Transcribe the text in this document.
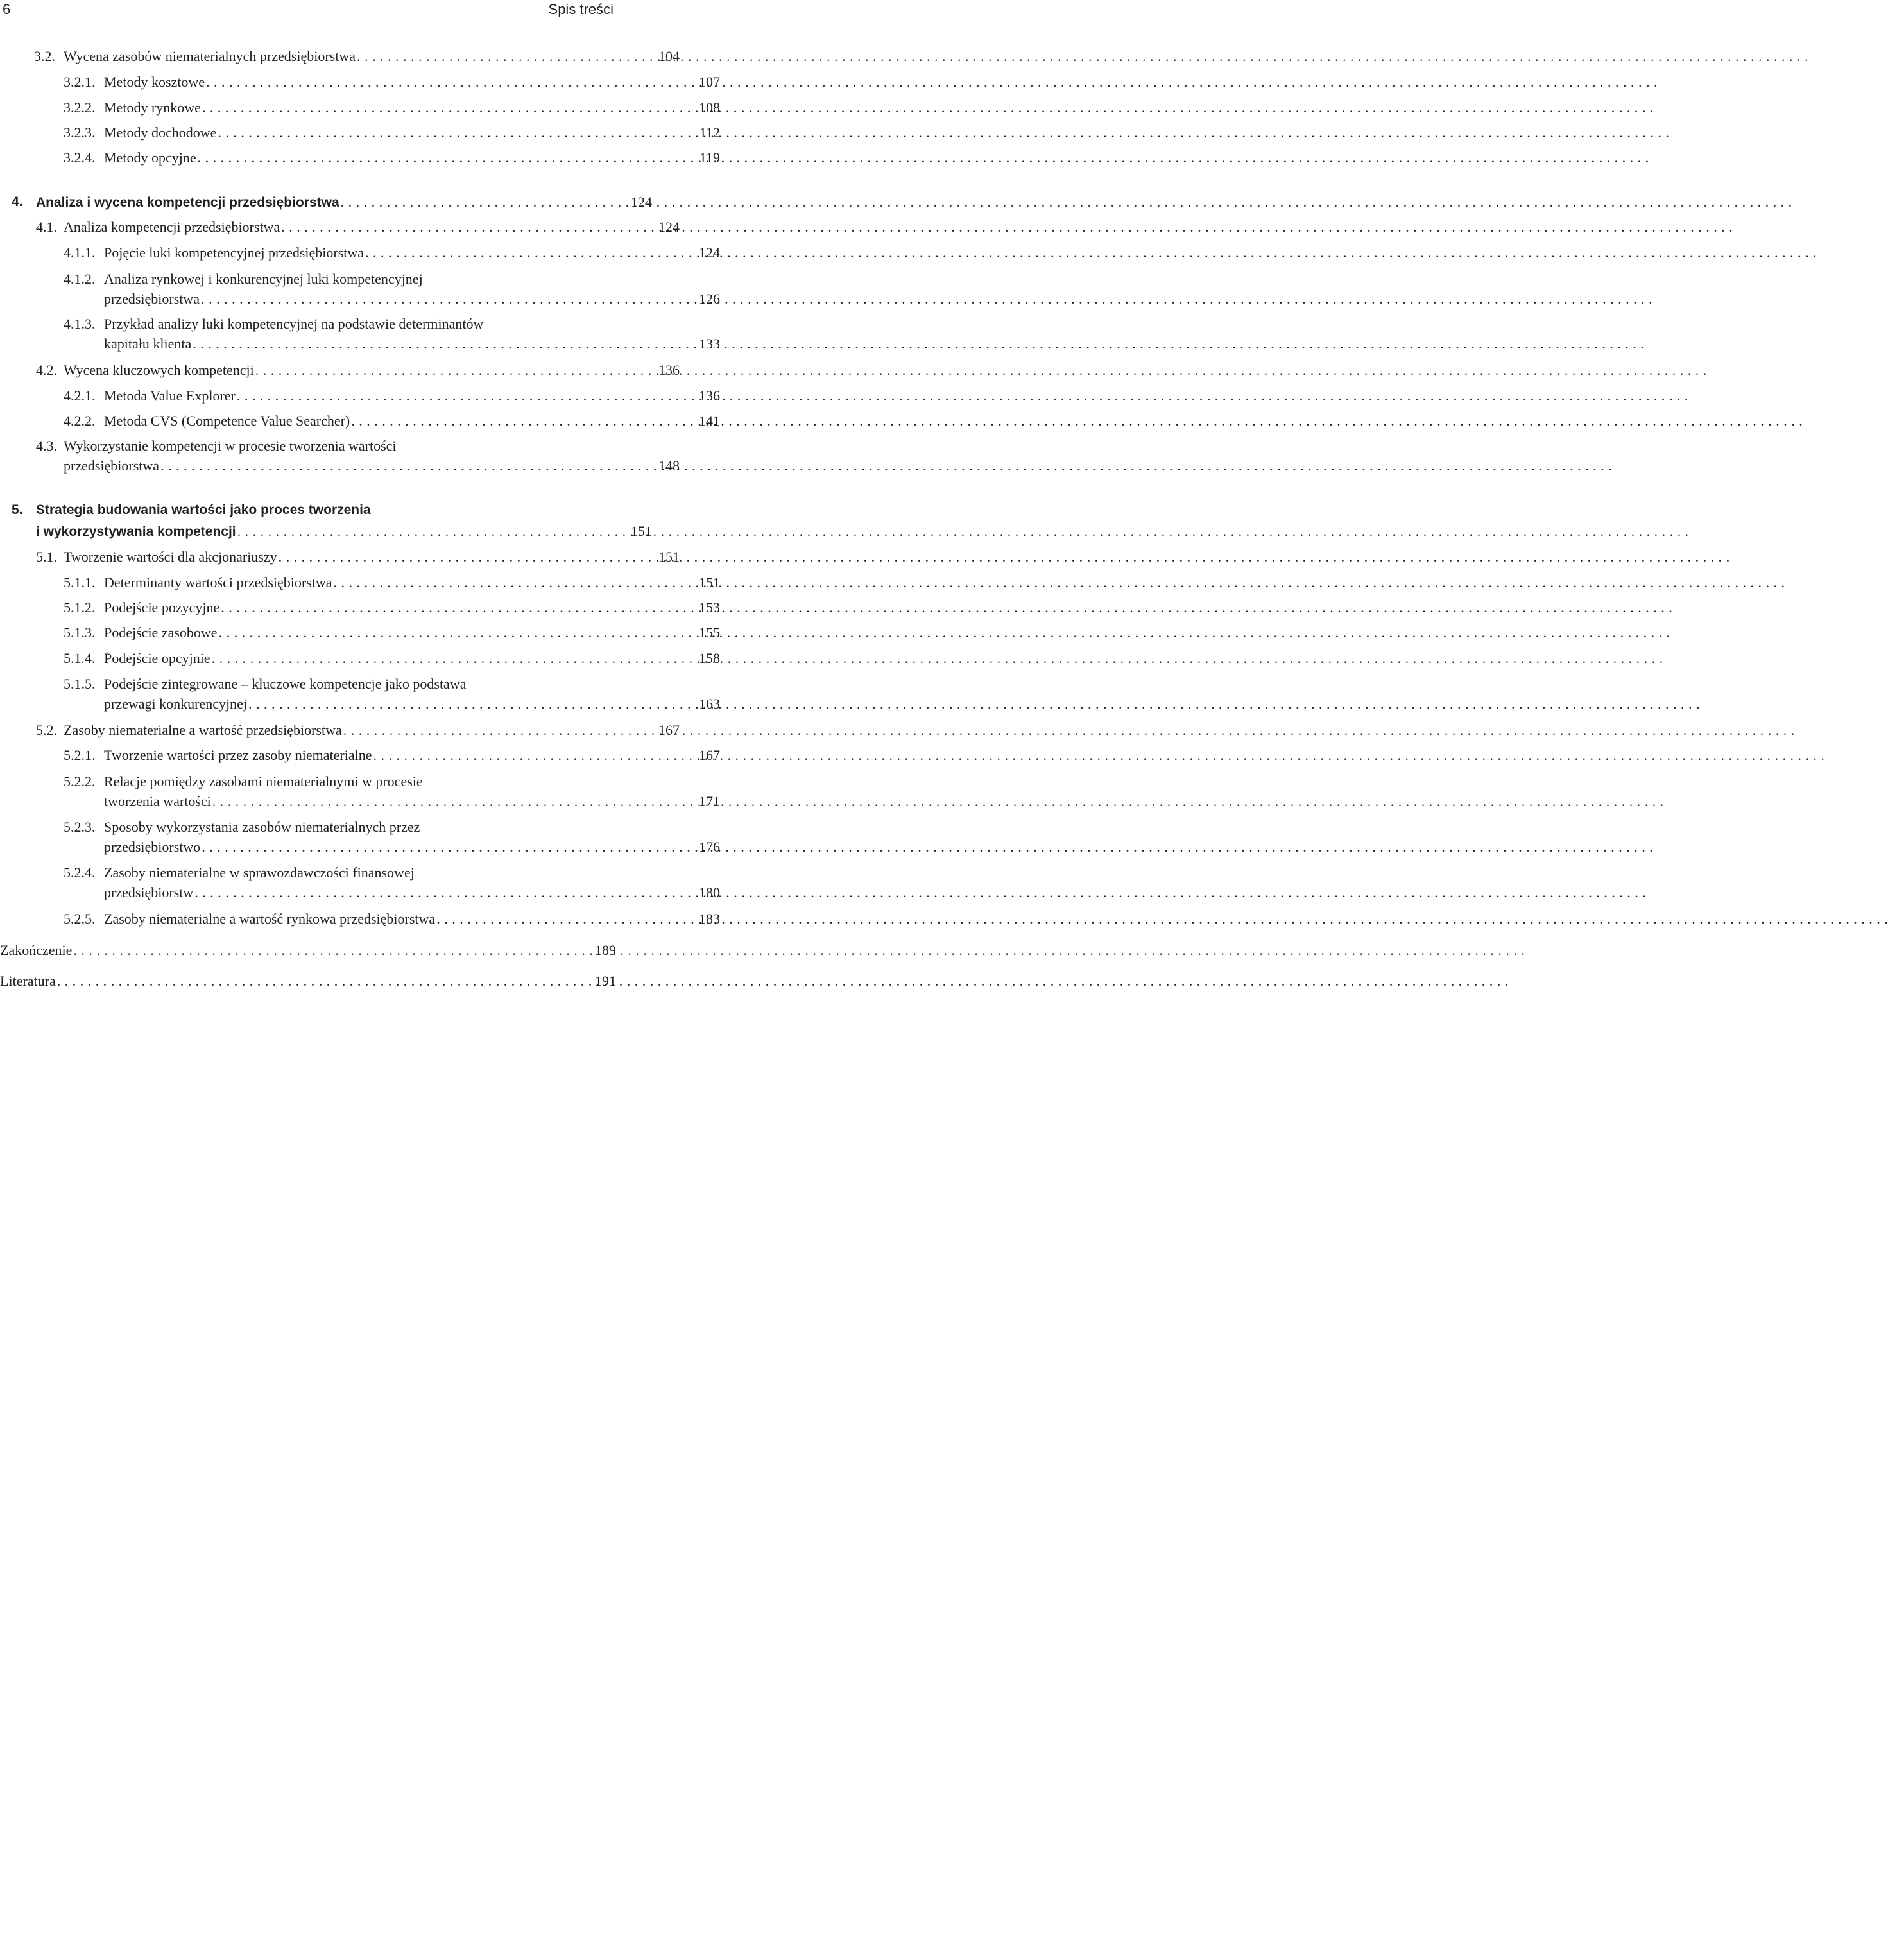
6	Spis treści
3.2. Wycena zasobów niematerialnych przedsiębiorstwa . . .	104
3.2.1. Metody kosztowe . . .	107
3.2.2. Metody rynkowe . . .	108
3.2.3. Metody dochodowe . . .	112
3.2.4. Metody opcyjne . . .	119
4. Analiza i wycena kompetencji przedsiębiorstwa . . .	124
4.1. Analiza kompetencji przedsiębiorstwa . . .	124
4.1.1. Pojęcie luki kompetencyjnej przedsiębiorstwa . . .	124
4.1.2. Analiza rynkowej i konkurencyjnej luki kompetencyjnej
przedsiębiorstwa . . .	126
4.1.3. Przykład analizy luki kompetencyjnej na podstawie determinantów
kapitału klienta . . .	133
4.2. Wycena kluczowych kompetencji . . .	136
4.2.1. Metoda Value Explorer . . .	136
4.2.2. Metoda CVS (Competence Value Searcher) . . .	141
4.3. Wykorzystanie kompetencji w procesie tworzenia wartości
przedsiębiorstwa . . .	148
5. Strategia budowania wartości jako proces tworzenia
i wykorzystywania kompetencji . . .	151
5.1. Tworzenie wartości dla akcjonariuszy . . .	151
5.1.1. Determinanty wartości przedsiębiorstwa . . .	151
5.1.2. Podejście pozycyjne . . .	153
5.1.3. Podejście zasobowe . . .	155
5.1.4. Podejście opcyjnie . . .	158
5.1.5. Podejście zintegrowane – kluczowe kompetencje jako podstawa
przewagi konkurencyjnej . . .	163
5.2. Zasoby niematerialne a wartość przedsiębiorstwa . . .	167
5.2.1. Tworzenie wartości przez zasoby niematerialne . . .	167
5.2.2. Relacje pomiędzy zasobami niematerialnymi w procesie
tworzenia wartości . . .	171
5.2.3. Sposoby wykorzystania zasobów niematerialnych przez
przedsiębiorstwo . . .	176
5.2.4. Zasoby niematerialne w sprawozdawczości finansowej
przedsiębiorstw . . .	180
5.2.5. Zasoby niematerialne a wartość rynkowa przedsiębiorstwa . . .	183
Zakończenie . . .	189
Literatura . . .	191
